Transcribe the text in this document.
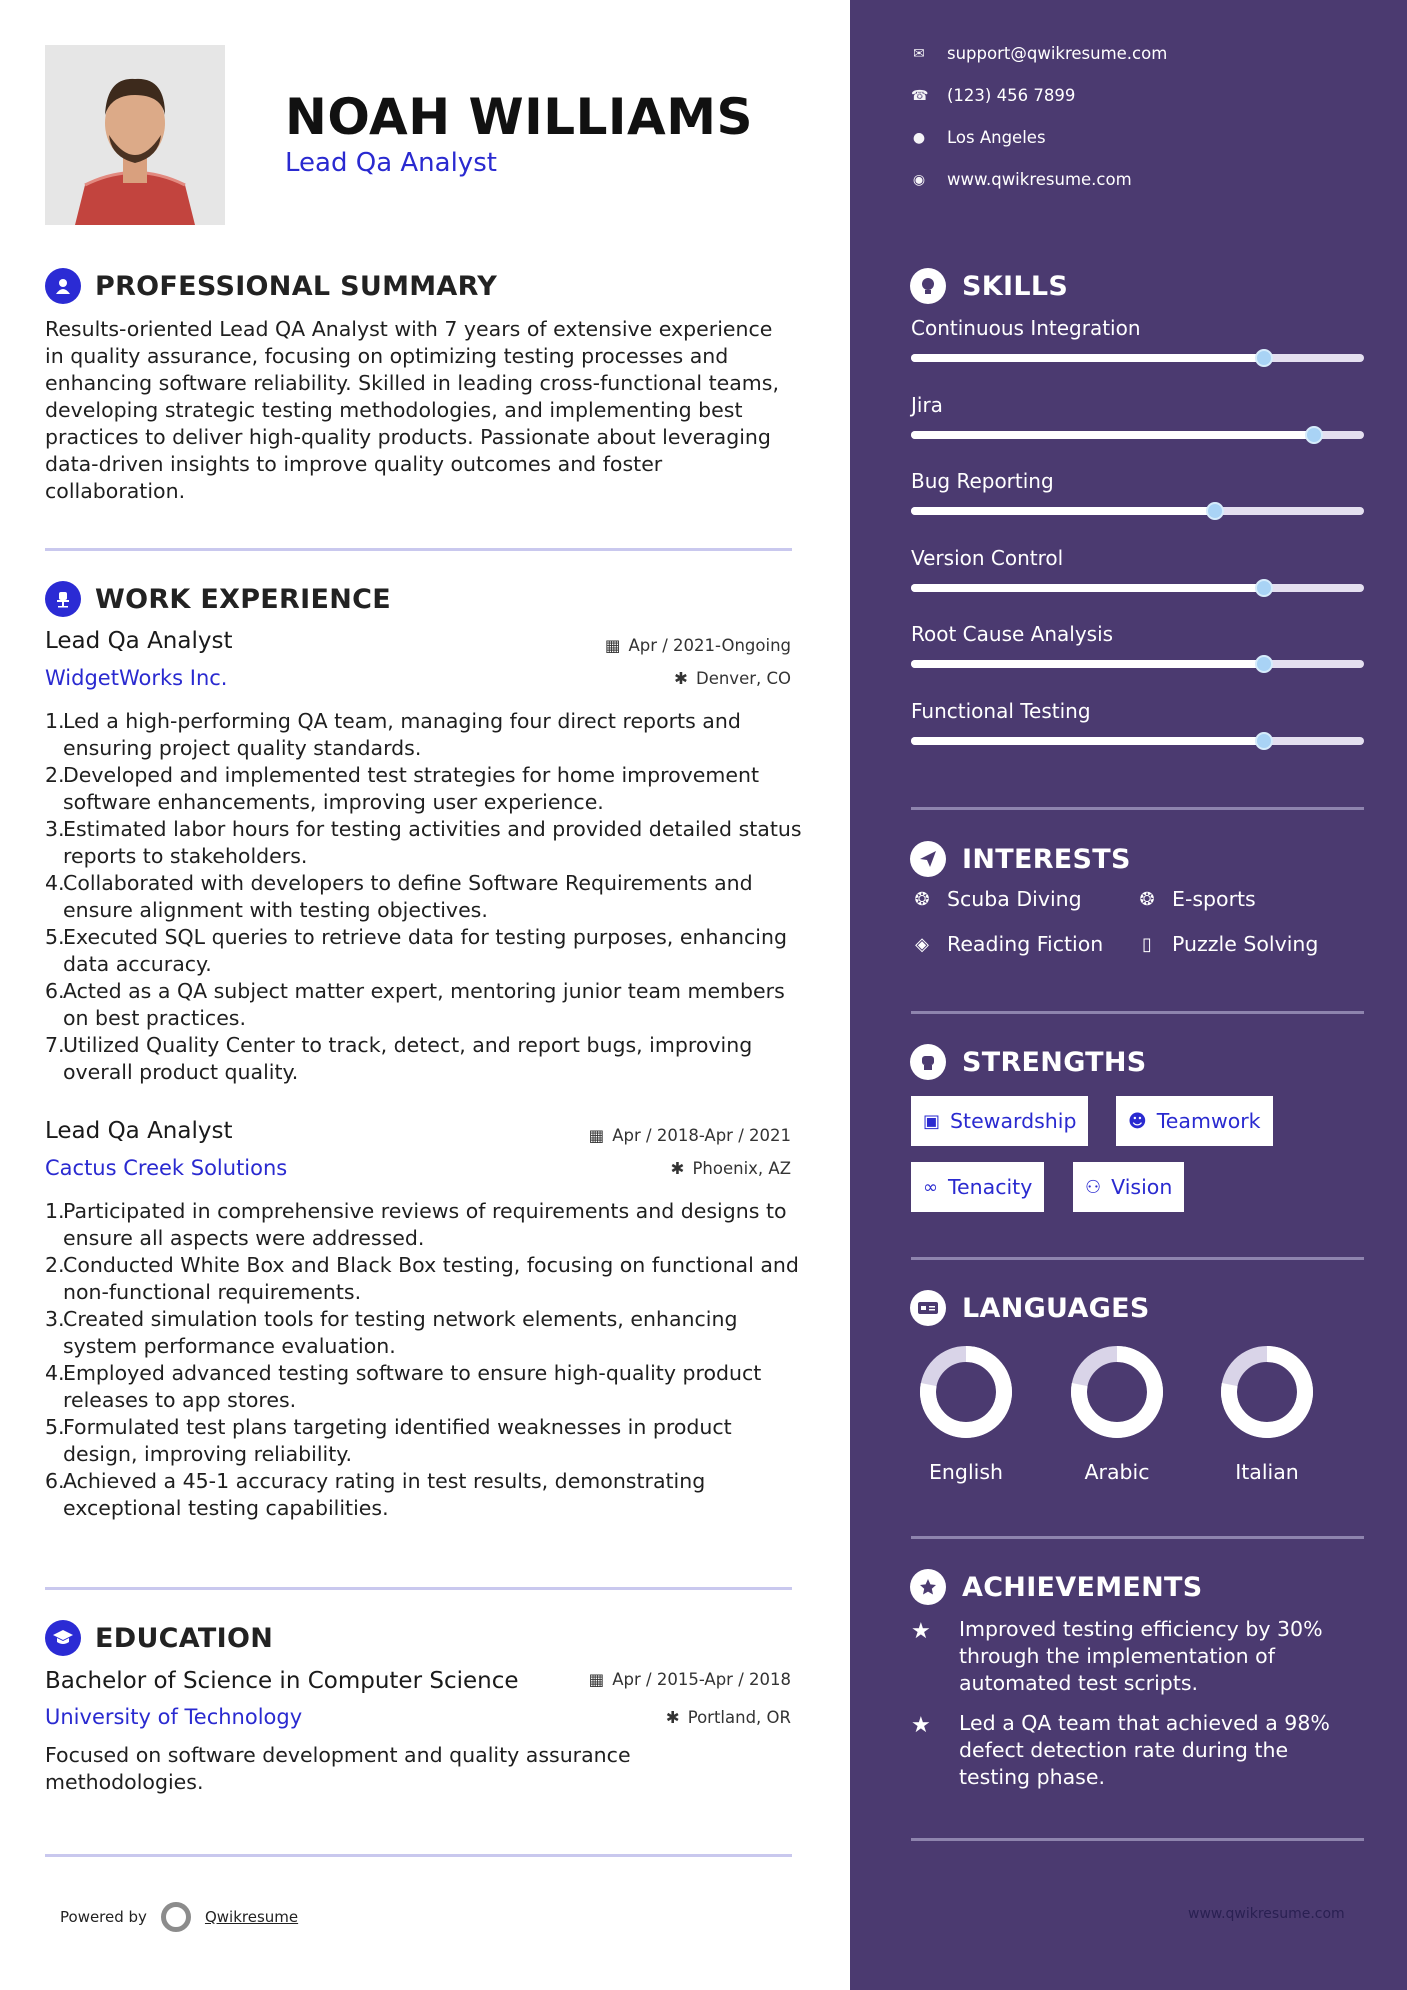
NOAH WILLIAMS
Lead Qa Analyst
PROFESSIONAL SUMMARY
Results-oriented Lead QA Analyst with 7 years of extensive experience in quality assurance, focusing on optimizing testing processes and enhancing software reliability. Skilled in leading cross-functional teams, developing strategic testing methodologies, and implementing best practices to deliver high-quality products. Passionate about leveraging data-driven insights to improve quality outcomes and foster collaboration.
WORK EXPERIENCE
Lead Qa Analyst	▦ Apr / 2021-Ongoing
WidgetWorks Inc.	✱ Denver, CO
1.
Led a high-performing QA team, managing four direct reports and ensuring project quality standards.
2.
Developed and implemented test strategies for home improvement software enhancements, improving user experience.
3.
Estimated labor hours for testing activities and provided detailed status reports to stakeholders.
4.
Collaborated with developers to define Software Requirements and ensure alignment with testing objectives.
5.
Executed SQL queries to retrieve data for testing purposes, enhancing data accuracy.
6.
Acted as a QA subject matter expert, mentoring junior team members on best practices.
7.
Utilized Quality Center to track, detect, and report bugs, improving overall product quality.
Lead Qa Analyst	▦ Apr / 2018-Apr / 2021
Cactus Creek Solutions	✱ Phoenix, AZ
1.
Participated in comprehensive reviews of requirements and designs to ensure all aspects were addressed.
2.
Conducted White Box and Black Box testing, focusing on functional and non-functional requirements.
3.
Created simulation tools for testing network elements, enhancing system performance evaluation.
4.
Employed advanced testing software to ensure high-quality product releases to app stores.
5.
Formulated test plans targeting identified weaknesses in product design, improving reliability.
6.
Achieved a 45-1 accuracy rating in test results, demonstrating exceptional testing capabilities.
EDUCATION
Bachelor of Science in Computer Science	▦ Apr / 2015-Apr / 2018
University of Technology	✱ Portland, OR
Focused on software development and quality assurance methodologies.
Powered by	Qwikresume
✉ support@qwikresume.com
☎ (123) 456 7899
● Los Angeles
◉ www.qwikresume.com
SKILLS
Continuous Integration
Jira
Bug Reporting
Version Control
Root Cause Analysis
Functional Testing
INTERESTS
❂ Scuba Diving	❂ E-sports
◈ Reading Fiction	▯ Puzzle Solving
STRENGTHS
▣ Stewardship	☻ Teamwork
∞ Tenacity	⚇ Vision
LANGUAGES
English	Arabic	Italian
ACHIEVEMENTS
★	Improved testing efficiency by 30% through the implementation of automated test scripts.
★	Led a QA team that achieved a 98% defect detection rate during the testing phase.
www.qwikresume.com
